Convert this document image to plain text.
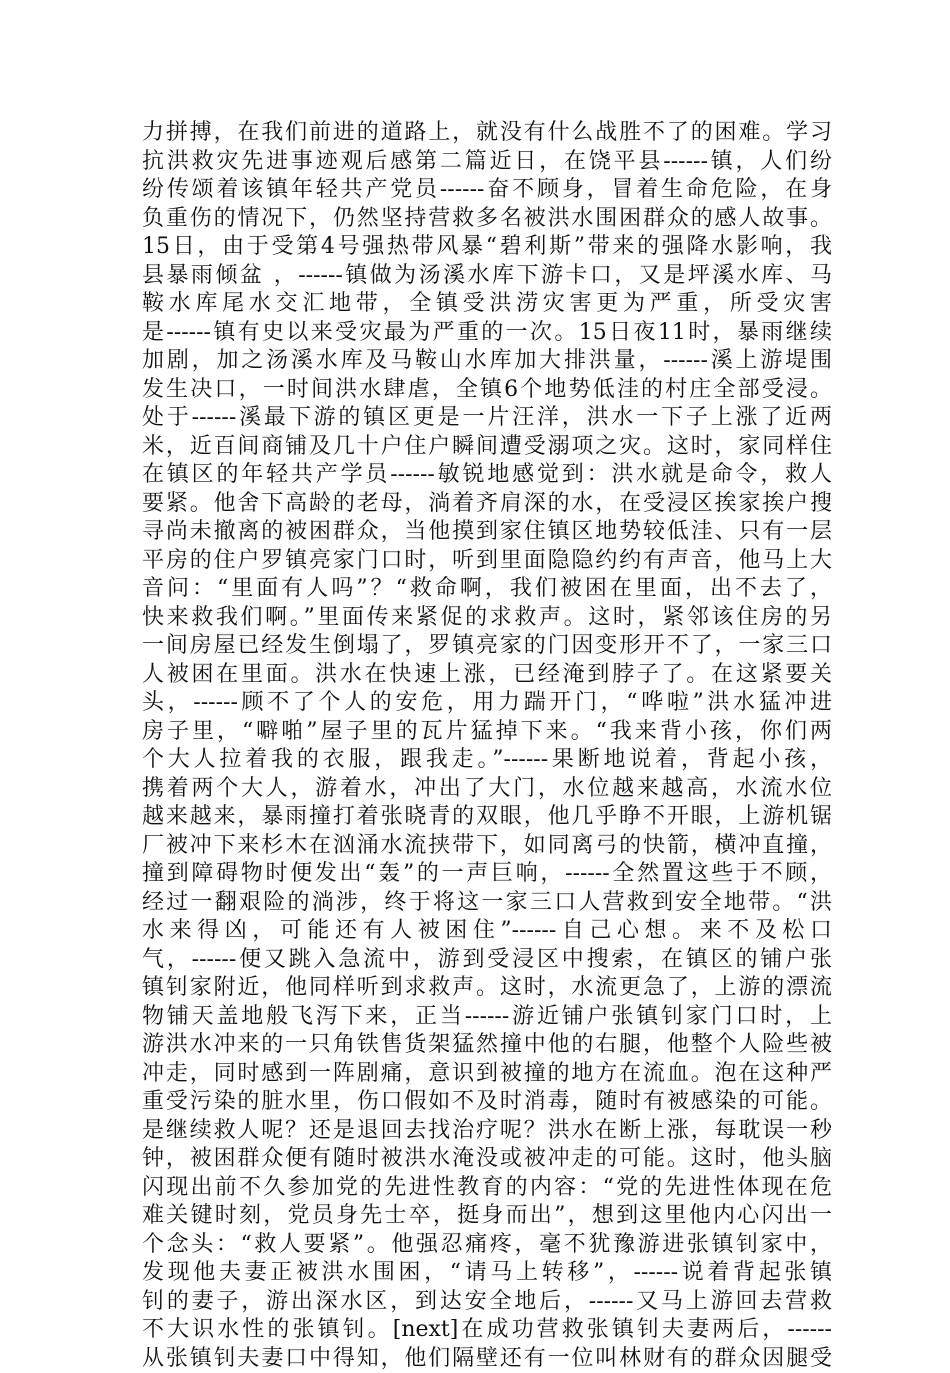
力拼搏，在我们前进的道路上，就没有什么战胜不了的困难。学习
抗洪救灾先进事迹观后感第二篇近日，在饶平县------镇，人们纷
纷传颂着该镇年轻共产党员------奋不顾身，冒着生命危险，在身
负重伤的情况下，仍然坚持营救多名被洪水围困群众的感人故事。
15日，由于受第4号强热带风暴“碧利斯”带来的强降水影响，我
县暴雨倾盆 ，------镇做为汤溪水库下游卡口，又是坪溪水库、马
鞍水库尾水交汇地带，全镇受洪涝灾害更为严重，所受灾害
是------镇有史以来受灾最为严重的一次。15日夜11时，暴雨继续
加剧，加之汤溪水库及马鞍山水库加大排洪量，------溪上游堤围
发生决口，一时间洪水肆虐，全镇6个地势低洼的村庄全部受浸。
处于------溪最下游的镇区更是一片汪洋，洪水一下子上涨了近两
米，近百间商铺及几十户住户瞬间遭受溺项之灾。这时，家同样住
在镇区的年轻共产学员------敏锐地感觉到：洪水就是命令，救人
要紧。他舍下高龄的老母，淌着齐肩深的水，在受浸区挨家挨户搜
寻尚未撤离的被困群众，当他摸到家住镇区地势较低洼、只有一层
平房的住户罗镇亮家门口时，听到里面隐隐约约有声音，他马上大
音问：“里面有人吗”？“救命啊，我们被困在里面，出不去了，
快来救我们啊。”里面传来紧促的求救声。这时，紧邻该住房的另
一间房屋已经发生倒塌了，罗镇亮家的门因变形开不了，一家三口
人被困在里面。洪水在快速上涨，已经淹到脖子了。在这紧要关
头，------顾不了个人的安危，用力踹开门，“哗啦”洪水猛冲进
房子里，“噼啪”屋子里的瓦片猛掉下来。“我来背小孩，你们两
个大人拉着我的衣服，跟我走。”------果断地说着，背起小孩，
携着两个大人，游着水，冲出了大门，水位越来越高，水流水位
越来越来，暴雨撞打着张晓青的双眼，他几乎睁不开眼，上游机锯
厂被冲下来杉木在汹涌水流挟带下，如同离弓的快箭，横冲直撞，
撞到障碍物时便发出“轰”的一声巨响，------全然置这些于不顾，
经过一翻艰险的淌涉，终于将这一家三口人营救到安全地带。“洪
水来得凶，可能还有人被困住”------自己心想。来不及松口
气，------便又跳入急流中，游到受浸区中搜索，在镇区的铺户张
镇钊家附近，他同样听到求救声。这时，水流更急了，上游的漂流
物铺天盖地般飞泻下来，正当------游近铺户张镇钊家门口时，上
游洪水冲来的一只角铁售货架猛然撞中他的右腿，他整个人险些被
冲走，同时感到一阵剧痛，意识到被撞的地方在流血。泡在这种严
重受污染的脏水里，伤口假如不及时消毒，随时有被感染的可能。
是继续救人呢？还是退回去找治疗呢？洪水在断上涨，每耽误一秒
钟，被困群众便有随时被洪水淹没或被冲走的可能。这时，他头脑
闪现出前不久参加党的先进性教育的内容：“党的先进性体现在危
难关键时刻，党员身先士卒，挺身而出”，想到这里他内心闪出一
个念头：“救人要紧”。他强忍痛疼，毫不犹豫游进张镇钊家中，
发现他夫妻正被洪水围困，“请马上转移”，------说着背起张镇
钊的妻子，游出深水区，到达安全地后，------又马上游回去营救
不大识水性的张镇钊。[next]在成功营救张镇钊夫妻两后，------
从张镇钊夫妻口中得知，他们隔壁还有一位叫林财有的群众因腿受
